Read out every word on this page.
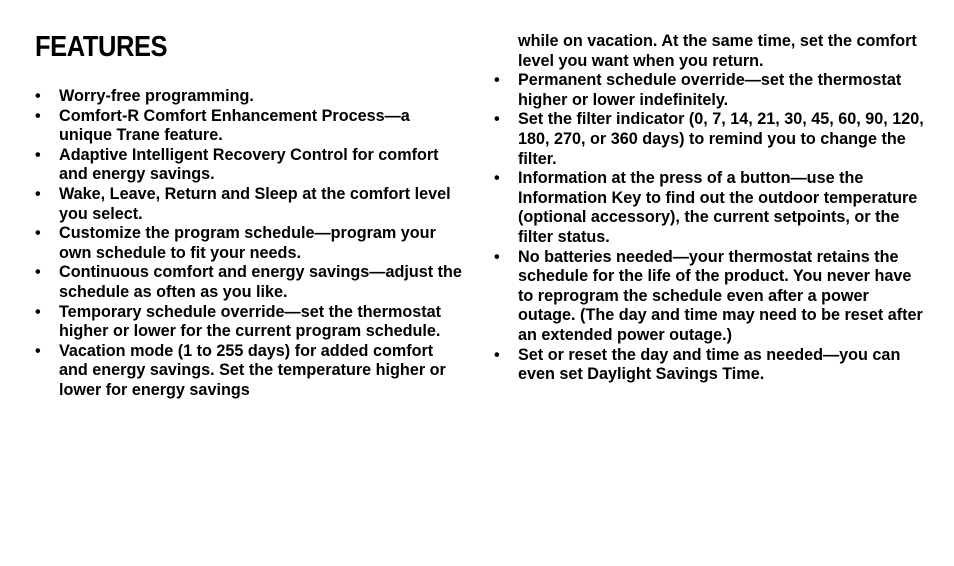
FEATURES
• Worry-free programming.
• Comfort-R Comfort Enhancement Process—a unique Trane feature.
• Adaptive Intelligent Recovery Control for comfort and energy savings.
• Wake, Leave, Return and Sleep at the comfort level you select.
• Customize the program schedule—program your own schedule to fit your needs.
• Continuous comfort and energy savings—adjust the schedule as often as you like.
• Temporary schedule override—set the thermostat higher or lower for the current program schedule.
• Vacation mode (1 to 255 days) for added comfort and energy savings. Set the temperature higher or lower for energy savings
while on vacation. At the same time, set the comfort level you want when you return.
• Permanent schedule override—set the thermostat higher or lower indefinitely.
• Set the filter indicator (0, 7, 14, 21, 30, 45, 60, 90, 120, 180, 270, or 360 days) to remind you to change the filter.
• Information at the press of a button—use the Information Key to find out the outdoor temperature (optional accessory), the current setpoints, or the filter status.
• No batteries needed—your thermostat retains the schedule for the life of the product. You never have to reprogram the schedule even after a power outage. (The day and time may need to be reset after an extended power outage.)
• Set or reset the day and time as needed—you can even set Daylight Savings Time.
